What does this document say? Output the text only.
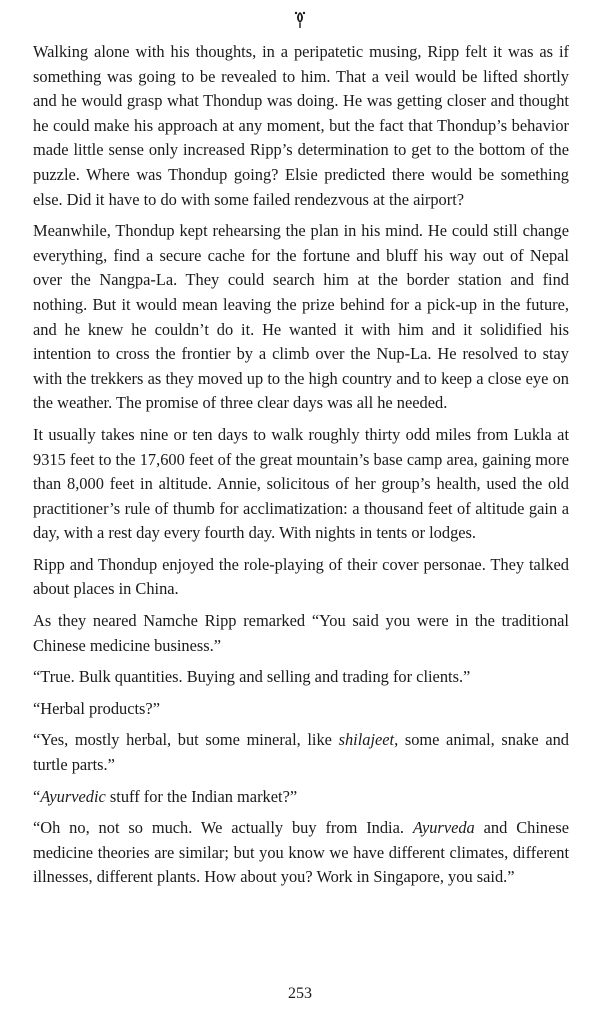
Walking alone with his thoughts, in a peripatetic musing, Ripp felt it was as if something was going to be revealed to him. That a veil would be lifted shortly and he would grasp what Thondup was doing. He was getting closer and thought he could make his approach at any moment, but the fact that Thondup’s behavior made little sense only increased Ripp’s determination to get to the bottom of the puzzle. Where was Thondup going? Elsie predicted there would be something else. Did it have to do with some failed rendezvous at the airport?

Meanwhile, Thondup kept rehearsing the plan in his mind. He could still change everything, find a secure cache for the fortune and bluff his way out of Nepal over the Nangpa-La. They could search him at the border station and find nothing. But it would mean leaving the prize behind for a pick-up in the future, and he knew he couldn’t do it. He wanted it with him and it solidified his intention to cross the frontier by a climb over the Nup-La. He resolved to stay with the trekkers as they moved up to the high country and to keep a close eye on the weather. The promise of three clear days was all he needed.

It usually takes nine or ten days to walk roughly thirty odd miles from Lukla at 9315 feet to the 17,600 feet of the great mountain’s base camp area, gaining more than 8,000 feet in altitude. Annie, solicitous of her group’s health, used the old practitioner’s rule of thumb for acclimatization: a thousand feet of altitude gain a day, with a rest day every fourth day. With nights in tents or lodges.

Ripp and Thondup enjoyed the role-playing of their cover personae. They talked about places in China.

As they neared Namche Ripp remarked “You said you were in the traditional Chinese medicine business.”

“True. Bulk quantities. Buying and selling and trading for clients.”

“Herbal products?”

“Yes, mostly herbal, but some mineral, like shilajeet, some animal, snake and turtle parts.”

“Ayurvedic stuff for the Indian market?”

“Oh no, not so much. We actually buy from India. Ayurveda and Chinese medicine theories are similar; but you know we have different climates, different illnesses, different plants. How about you? Work in Singapore, you said.”

253
